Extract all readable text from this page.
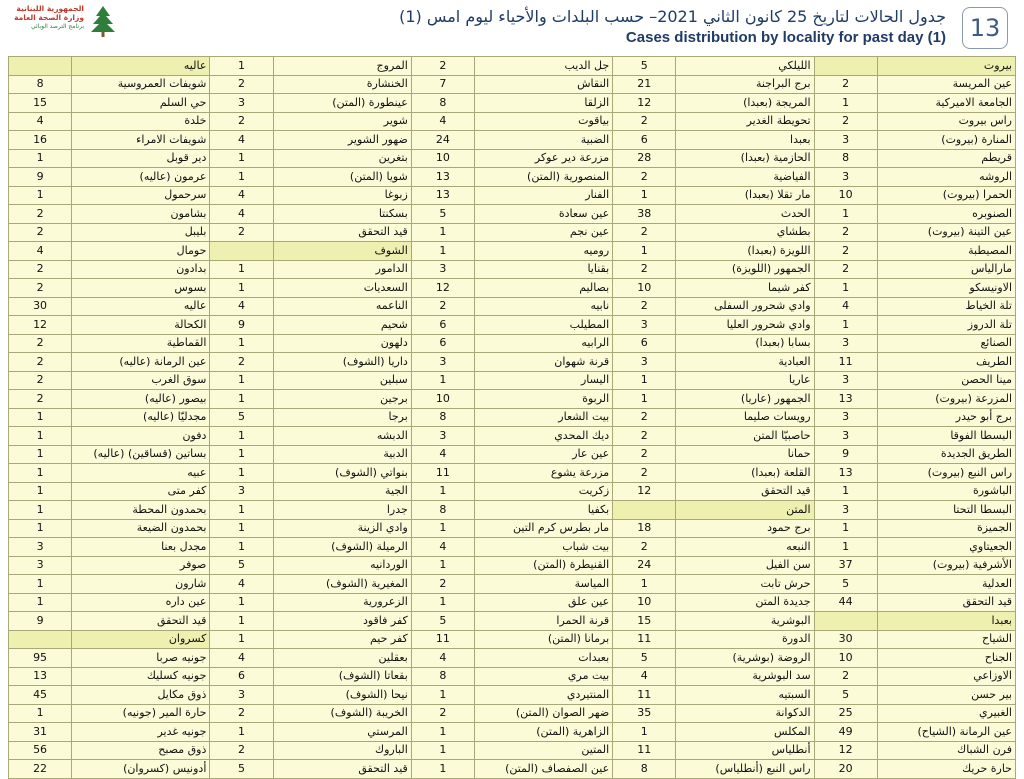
الجمهورية اللبنانية
وزارة الصحة العامة
برنامج الترصد الوبائي
جدول الحالات لتاريخ 25 كانون الثاني 2021– حسب البلدات والأحياء ليوم امس (1)
Cases distribution by locality for past day (1) 13
	عاليه	1	المروج	2	جل الديب	5	الليلكي		بيروت
8	شويفات العمروسية	2	الخنشارة	7	النقاش	21	برج البراجنة	2	عين المريسة
15	حي السلم	3	عينطورة (المتن)	8	الزلقا	12	المريجة (بعبدا)	1	الجامعة الاميركية
4	خلدة	2	شوير	4	بياقوت	2	تحويطة الغدير	2	راس بيروت
16	شويفات الامراء	4	ضهور الشوير	24	الضبية	6	بعبدا	3	المنارة (بيروت)
1	دير قوبل	1	بتغرين	10	مزرعة دير عوكر	28	الحازمية (بعبدا)	8	قريطم
9	عرمون (عاليه)	1	شويا (المتن)	13	المنصورية (المتن)	2	الفياضية	3	الروشه
1	سرحمول	4	زبوغا	13	الفنار	1	مار تقلا (بعبدا)	10	الحمرا (بيروت)
2	بشامون	4	بسكنتا	5	عين سعادة	38	الحدث	1	الصنوبره
2	بليبل	2	قيد التحقق	1	عين نجم	2	بطشاي	2	عين التينة (بيروت)
4	حومال		الشوف	1	روميه	1	اللويزة (بعبدا)	2	المصيطبة
2	بدادون	1	الدامور	3	بقنايا	2	الجمهور (اللويزة)	2	مارالياس
2	بسوس	1	السعديات	12	بصاليم	10	كفر شيما	1	الاونيسكو
30	عاليه	4	الناعمه	2	نابيه	2	وادي شحرور السفلى	4	تلة الخياط
12	الكحالة	9	شحيم	6	المطيلب	3	وادي شحرور العليا	1	تلة الدروز
2	القماطية	1	دلهون	6	الرابيه	6	بسابا (بعبدا)	3	الصنائع
2	عين الرمانة (عاليه)	2	داريا (الشوف)	3	قرنة شهوان	3	العبادية	11	الطريف
2	سوق الغرب	1	سبلين	1	اليسار	1	عاريا	3	مينا الحصن
2	بيصور (عاليه)	1	برجين	10	الربوة	1	الجمهور (عاريا)	13	المزرعة (بيروت)
1	مجدليّا (عاليه)	5	برجا	8	بيت الشعار	2	رويسات صليما	3	برج أبو حيدر
1	دفون	1	الدبشه	3	ديك المحدي	2	حاصبيّا المتن	3	البسطا الفوقا
1	بساتين (قساقين) (عاليه)	1	الدبية	4	عين عار	2	حمانا	9	الطريق الجديدة
1	عبيه	1	بنواتي (الشوف)	11	مزرعة يشوع	2	القلعة (بعبدا)	13	راس النبع (بيروت)
1	كفر متى	3	الجية	1	زكريت	12	قيد التحقق	1	الباشورة
1	بحمدون المحطة	1	جدرا	8	بكفيا		المتن	3	البسطا التحتا
1	بحمدون الضيعة	1	وادي الزينة	1	مار بطرس كرم التين	18	برج حمود	1	الجميزة
3	مجدل بعنا	1	الرميلة (الشوف)	4	بيت شباب	2	النبعه	1	الجعيتاوي
3	صوفر	5	الوردانيه	1	القنيطرة (المتن)	24	سن الفيل	37	الأشرفية (بيروت)
1	شارون	4	المغيرية (الشوف)	2	المياسة	1	حرش تابت	5	العدلية
1	عين داره	1	الزعرورية	1	عين علق	10	جديدة المتن	44	قيد التحقق
9	قيد التحقق	1	كفر فاقود	5	قرنة الحمرا	15	البوشرية		بعبدا
	كسروان	1	كفر حيم	11	برمانا (المتن)	11	الدورة	30	الشياح
95	جونيه صربا	4	بعقلين	4	بعبدات	5	الروضة (بوشرية)	10	الجناح
13	جونيه كسليك	6	بقعاتا (الشوف)	8	بيت مري	4	سد البوشرية	2	الاوزاعي
45	ذوق مكايل	3	نيحا (الشوف)	1	المنتيردي	11	السبتيه	5	بير حسن
1	حارة المير (جونيه)	2	الخريبة (الشوف)	2	ضهر الصوان (المتن)	35	الدكوانة	25	الغبيري
31	جونيه غدير	1	المرستي	1	الزاهرية (المتن)	1	المكلس	49	عين الرمانة (الشياح)
56	ذوق مصبح	2	الباروك	1	المتين	11	أنطلياس	12	فرن الشباك
22	أدونيس (كسروان)	5	قيد التحقق	1	عين الصفصاف (المتن)	8	راس النبع (أنطلياس)	20	حارة حريك
